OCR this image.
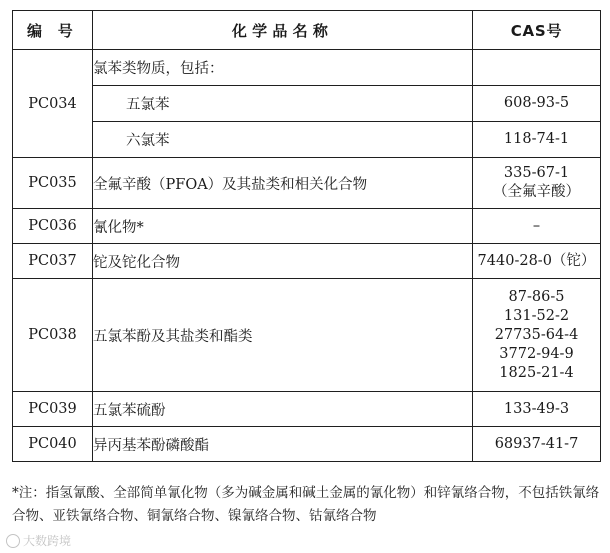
编 号	化学品名称	CAS号
PC034	氯苯类物质，包括：	
	五氯苯	608-93-5
	六氯苯	118-74-1
PC035	全氟辛酸（PFOA）及其盐类和相关化合物	335-67-1
（全氟辛酸）

PC036	氰化物*	–

PC037	铊及铊化合物	7440-28-0（铊）

PC038	五氯苯酚及其盐类和酯类	87-86-5
131-52-2
27735-64-4
3772-94-9
1825-21-4

PC039	五氯苯硫酚	133-49-3

PC040	异丙基苯酚磷酸酯	68937-41-7

*注：指氢氰酸、全部简单氰化物（多为碱金属和碱土金属的氰化物）和锌氰络合物，不包括铁氰络合物、亚铁氰络合物、铜氰络合物、镍氰络合物、钴氰络合物

大数跨境
